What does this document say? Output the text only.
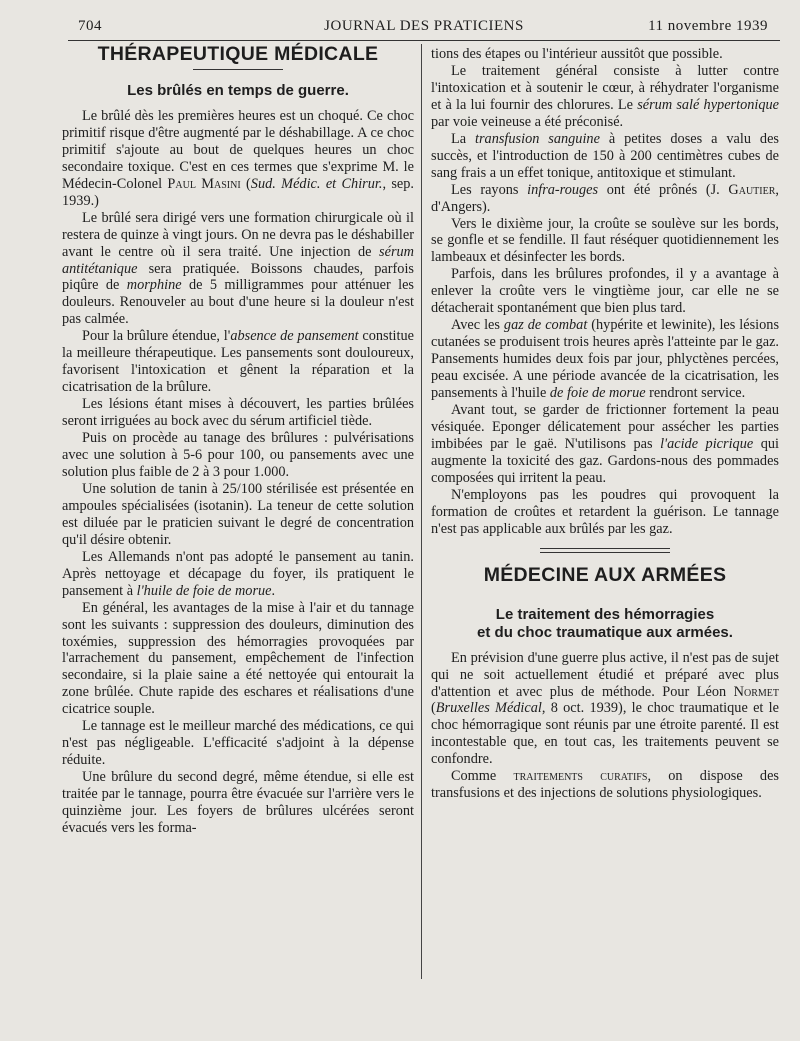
704	JOURNAL DES PRATICIENS	11 novembre 1939
THÉRAPEUTIQUE MÉDICALE
Les brûlés en temps de guerre.

Le brûlé dès les premières heures est un choqué. Ce choc primitif risque d'être augmenté par le déshabillage. A ce choc primitif s'ajoute au bout de quelques heures un choc secondaire toxique. C'est en ces termes que s'exprime M. le Médecin-Colonel Paul Masini (Sud. Médic. et Chirur., sep. 1939.)

Le brûlé sera dirigé vers une formation chirurgicale où il restera de quinze à vingt jours. On ne devra pas le déshabiller avant le centre où il sera traité. Une injection de sérum antitétanique sera pratiquée. Boissons chaudes, parfois piqûre de morphine de 5 milligrammes pour atténuer les douleurs. Renouveler au bout d'une heure si la douleur n'est pas calmée.

Pour la brûlure étendue, l'absence de pansement constitue la meilleure thérapeutique. Les pansements sont douloureux, favorisent l'intoxication et gênent la réparation et la cicatrisation de la brûlure.

Les lésions étant mises à découvert, les parties brûlées seront irriguées au bock avec du sérum artificiel tiède.

Puis on procède au tanage des brûlures : pulvérisations avec une solution à 5-6 pour 100, ou pansements avec une solution plus faible de 2 à 3 pour 1.000.

Une solution de tanin à 25/100 stérilisée est présentée en ampoules spécialisées (isotanin). La teneur de cette solution est diluée par le praticien suivant le degré de concentration qu'il désire obtenir.

Les Allemands n'ont pas adopté le pansement au tanin. Après nettoyage et décapage du foyer, ils pratiquent le pansement à l'huile de foie de morue.

En général, les avantages de la mise à l'air et du tannage sont les suivants : suppression des douleurs, diminution des toxémies, suppression des hémorragies provoquées par l'arrachement du pansement, empêchement de l'infection secondaire, si la plaie saine a été nettoyée qui entourait la zone brûlée. Chute rapide des eschares et réalisations d'une cicatrice souple.

Le tannage est le meilleur marché des médications, ce qui n'est pas négligeable. L'efficacité s'adjoint à la dépense réduite.

Une brûlure du second degré, même étendue, si elle est traitée par le tannage, pourra être évacuée sur l'arrière vers le quinzième jour. Les foyers de brûlures ulcérées seront évacués vers les forma-

tions des étapes ou l'intérieur aussitôt que possible.

Le traitement général consiste à lutter contre l'intoxication et à soutenir le cœur, à réhydrater l'organisme et à la lui fournir des chlorures. Le sérum salé hypertonique par voie veineuse a été préconisé.

La transfusion sanguine à petites doses a valu des succès, et l'introduction de 150 à 200 centimètres cubes de sang frais a un effet tonique, antitoxique et stimulant.

Les rayons infra-rouges ont été prônés (J. Gautier, d'Angers).

Vers le dixième jour, la croûte se soulève sur les bords, se gonfle et se fendille. Il faut réséquer quotidiennement les lambeaux et désinfecter les bords.

Parfois, dans les brûlures profondes, il y a avantage à enlever la croûte vers le vingtième jour, car elle ne se détacherait spontanément que bien plus tard.

Avec les gaz de combat (hypérite et lewinite), les lésions cutanées se produisent trois heures après l'atteinte par le gaz. Pansements humides deux fois par jour, phlyctènes percées, peau excisée. A une période avancée de la cicatrisation, les pansements à l'huile de foie de morue rendront service.

Avant tout, se garder de frictionner fortement la peau vésiquée. Eponger délicatement pour assécher les parties imbibées par le gaë. N'utilisons pas l'acide picrique qui augmente la toxicité des gaz. Gardons-nous des pommades composées qui irritent la peau.

N'employons pas les poudres qui provoquent la formation de croûtes et retardent la guérison. Le tannage n'est pas applicable aux brûlés par les gaz.

MÉDECINE AUX ARMÉES
Le traitement des hémorragies
et du choc traumatique aux armées.

En prévision d'une guerre plus active, il n'est pas de sujet qui ne soit actuellement étudié et préparé avec plus d'attention et avec plus de méthode. Pour Léon Normet (Bruxelles Médical, 8 oct. 1939), le choc traumatique et le choc hémorragique sont réunis par une étroite parenté. Il est incontestable que, en tout cas, les traitements peuvent se confondre.

Comme traitements curatifs, on dispose des transfusions et des injections de solutions physiologiques.
